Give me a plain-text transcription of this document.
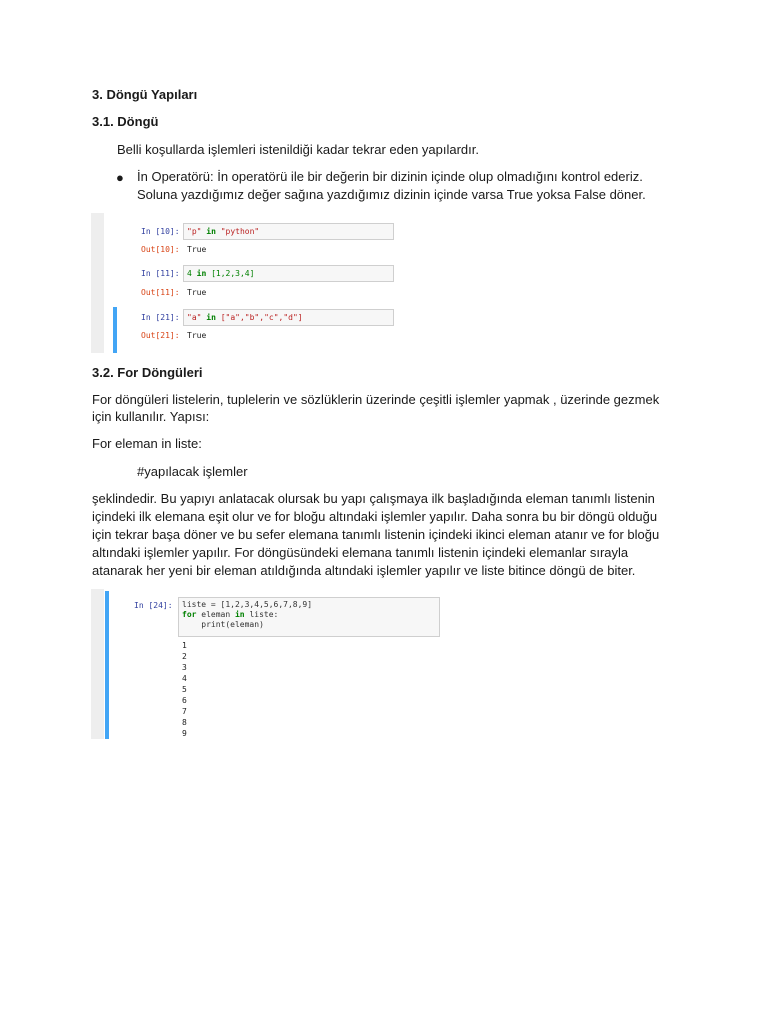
3. Döngü Yapıları
3.1. Döngü
Belli koşullarda işlemleri istenildiği kadar tekrar eden yapılardır.
● İn Operatörü: İn operatörü ile bir değerin bir dizinin içinde olup olmadığını kontrol ederiz.
Soluna yazdığımız değer sağına yazdığımız dizinin içinde varsa True yoksa False döner.
In [10]: "p" in "python"
Out[10]: True
In [11]: 4 in [1,2,3,4]
Out[11]: True
In [21]: "a" in ["a","b","c","d"]
Out[21]: True
3.2. For Döngüleri
For döngüleri listelerin, tuplelerin ve sözlüklerin üzerinde çeşitli işlemler yapmak , üzerinde gezmek
için kullanılır. Yapısı:
For eleman in liste:
#yapılacak işlemler
şeklindedir. Bu yapıyı anlatacak olursak bu yapı çalışmaya ilk başladığında eleman tanımlı listenin
içindeki ilk elemana eşit olur ve for bloğu altındaki işlemler yapılır. Daha sonra bu bir döngü olduğu
için tekrar başa döner ve bu sefer elemana tanımlı listenin içindeki ikinci eleman atanır ve for bloğu
altındaki işlemler yapılır. For döngüsündeki elemana tanımlı listenin içindeki elemanlar sırayla
atanarak her yeni bir eleman atıldığında altındaki işlemler yapılır ve liste bitince döngü de biter.
In [24]: liste = [1,2,3,4,5,6,7,8,9]
for eleman in liste:
print(eleman)
1
2
3
4
5
6
7
8
9
